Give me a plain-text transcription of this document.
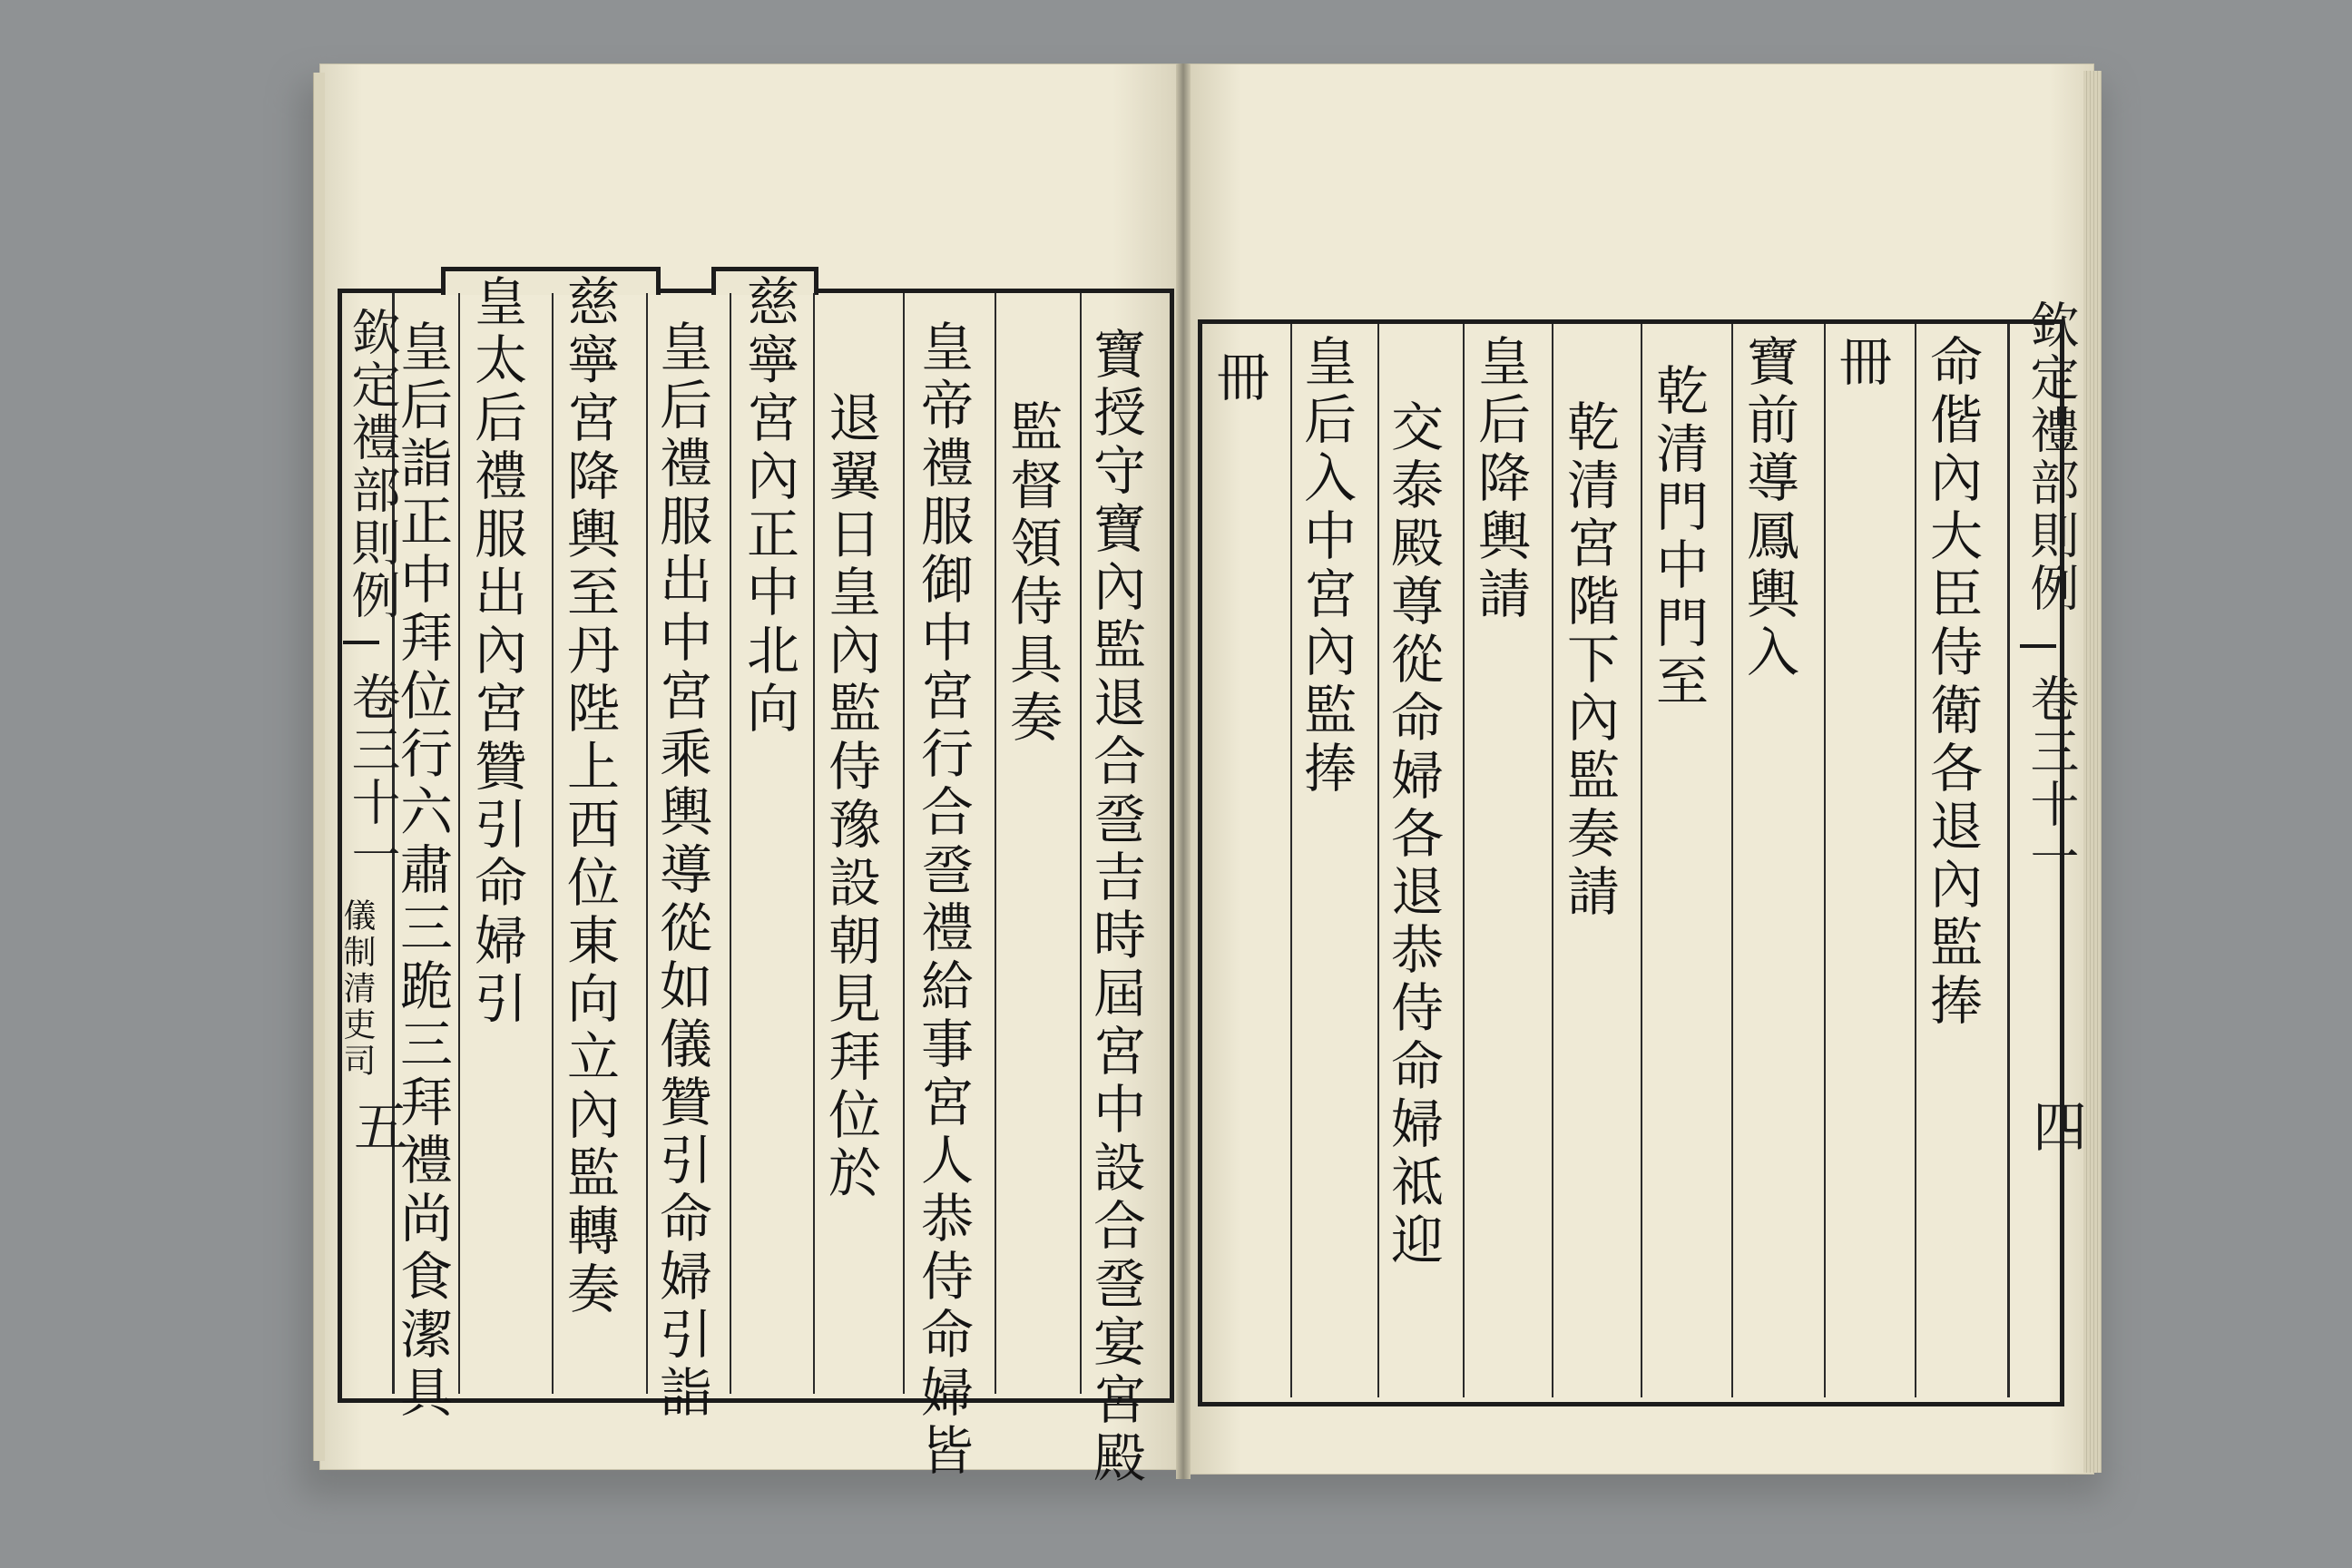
欽定禮部則例
卷三十一
儀制清吏司
五	寶授守寶內監退合巹吉時屆宮中設合巹宴宮殿
監督領侍具奏
皇帝禮服御中宮行合巹禮給事宮人恭侍命婦皆
退翼日皇內監侍豫設朝見拜位於
慈寧宮內正中北向
皇后禮服出中宮乘輿導從如儀贊引命婦引詣
慈寧宮降輿至丹陛上西位東向立內監轉奏
皇太后禮服出內宮贊引命婦引
皇后詣正中拜位行六肅三跪三拜禮尚食潔具	欽定禮部則例
卷三十一
四
命偕內大臣侍衛各退內監捧
冊
寶前導鳳輿入
乾清門中門至
乾清宮階下內監奏請
皇后降輿請
交泰殿尊從命婦各退恭侍命婦祗迎
皇后入中宮內監捧
冊
